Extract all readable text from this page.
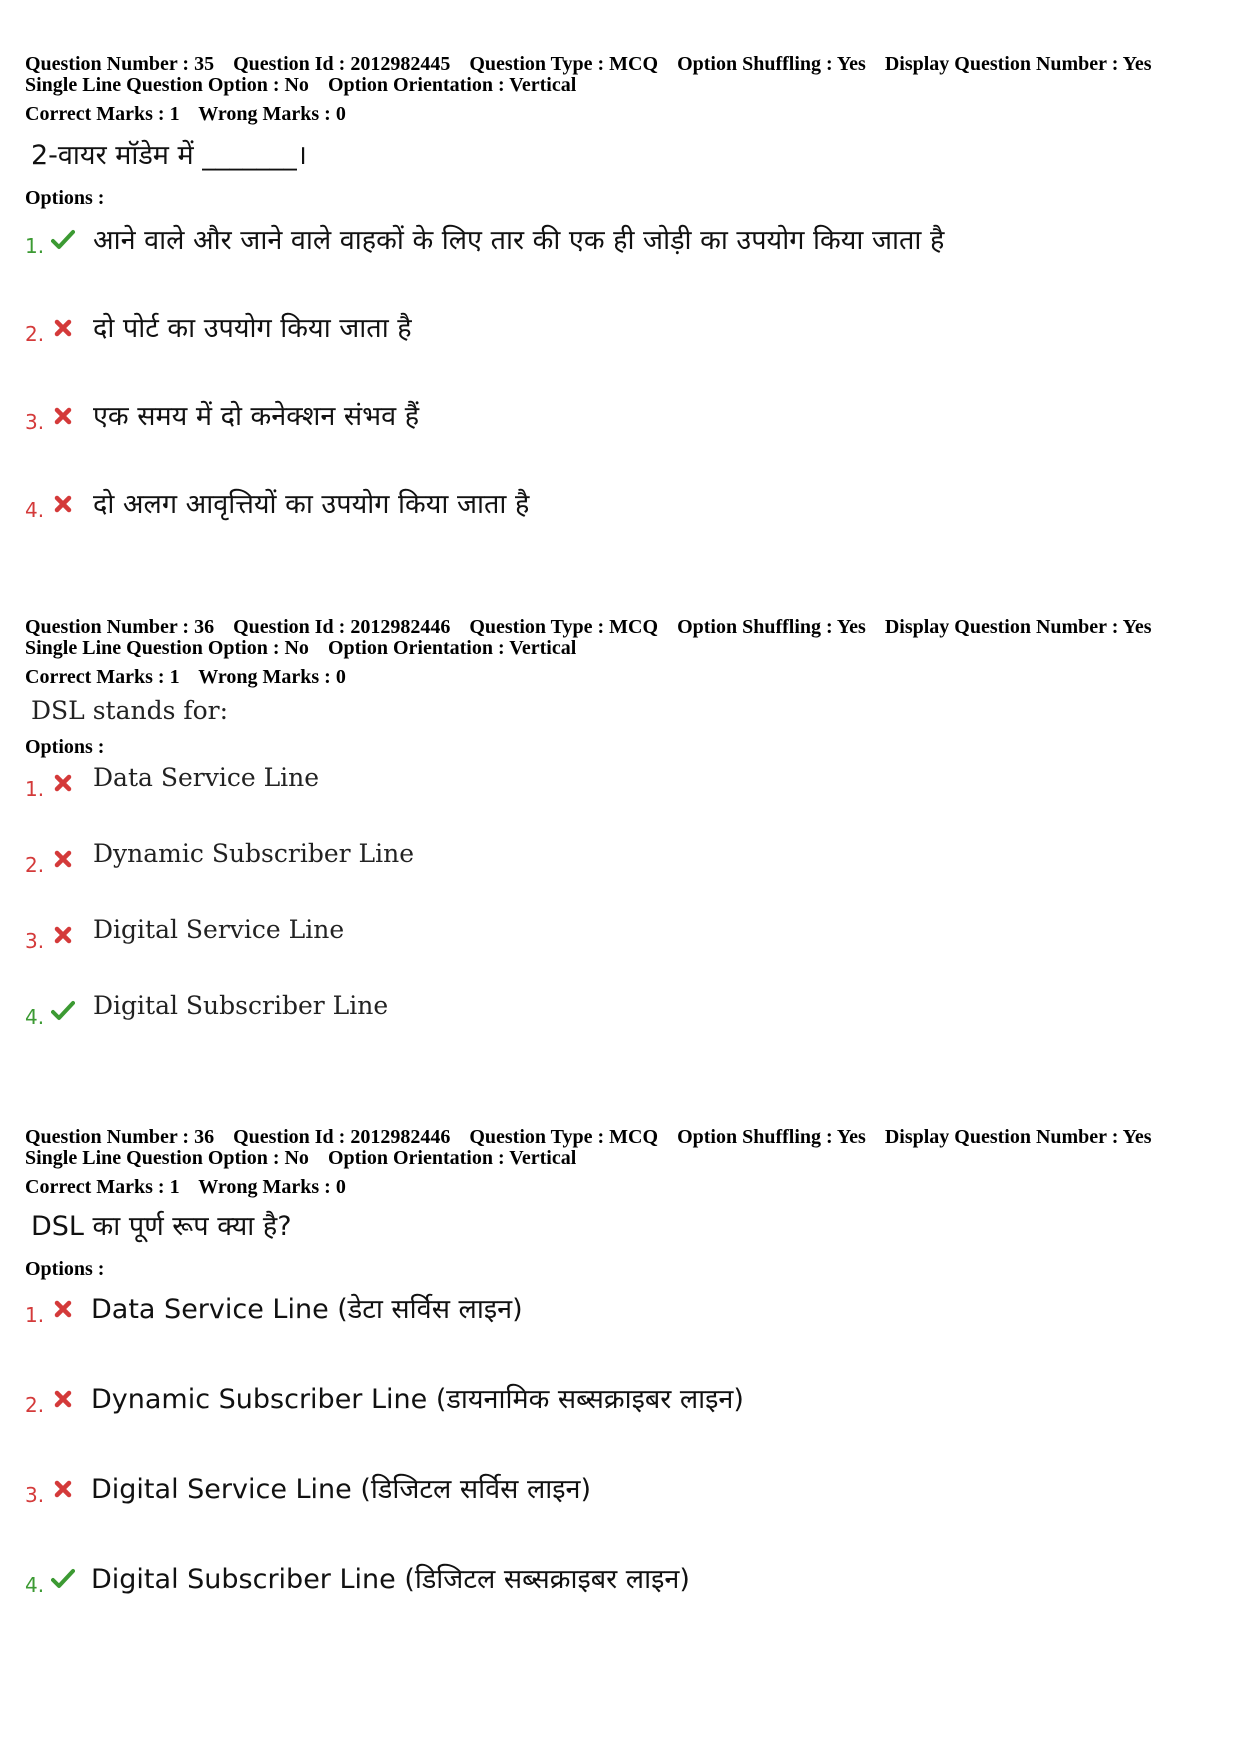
Question Number : 35 Question Id : 2012982445 Question Type : MCQ Option Shuffling : Yes Display Question Number : Yes
Single Line Question Option : No Option Orientation : Vertical
Correct Marks : 1 Wrong Marks : 0
2-वायर मॉडेम में _______।
Options :
1. आने वाले और जाने वाले वाहकों के लिए तार की एक ही जोड़ी का उपयोग किया जाता है
2. दो पोर्ट का उपयोग किया जाता है
3. एक समय में दो कनेक्शन संभव हैं
4. दो अलग आवृत्तियों का उपयोग किया जाता है
Question Number : 36 Question Id : 2012982446 Question Type : MCQ Option Shuffling : Yes Display Question Number : Yes
Single Line Question Option : No Option Orientation : Vertical
Correct Marks : 1 Wrong Marks : 0
DSL stands for:
Options :
1. Data Service Line
2. Dynamic Subscriber Line
3. Digital Service Line
4. Digital Subscriber Line
Question Number : 36 Question Id : 2012982446 Question Type : MCQ Option Shuffling : Yes Display Question Number : Yes
Single Line Question Option : No Option Orientation : Vertical
Correct Marks : 1 Wrong Marks : 0
DSL का पूर्ण रूप क्या है?
Options :
1. Data Service Line (डेटा सर्विस लाइन)
2. Dynamic Subscriber Line (डायनामिक सब्सक्राइबर लाइन)
3. Digital Service Line (डिजिटल सर्विस लाइन)
4. Digital Subscriber Line (डिजिटल सब्सक्राइबर लाइन)
